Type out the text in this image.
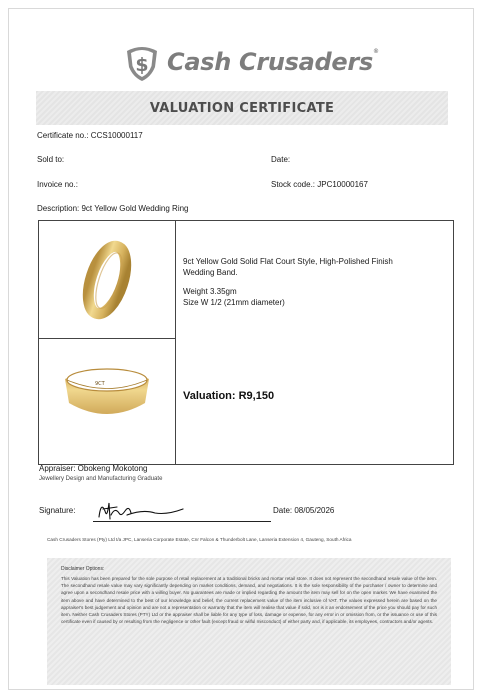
$ Cash Crusaders®
VALUATION CERTIFICATE
Certificate no.: CCS10000117
Sold to:	Date:
Invoice no.:	Stock code.: JPC10000167
Description: 9ct Yellow Gold Wedding Ring
9CT
9ct Yellow Gold Solid Flat Court Style, High-Polished Finish
Wedding Band.
Weight 3.35gm
Size W 1/2 (21mm diameter)
Valuation: R9,150
Appraiser: Obokeng Mokotong
Jewellery Design and Manufacturing Graduate
Signature:	Date: 08/05/2026
Cash Crusaders Stores (Pty) Ltd t/a JPC, Lanseria Corporate Estate, Cnr Falcon & Thunderbolt Lane, Lanseria Extension 4, Gauteng, South Africa
Disclaimer Options:
This Valuation has been prepared for the sole purpose of retail replacement at a traditional bricks and mortar retail store. It does not represent the secondhand resale value of the item. The secondhand resale value may vary significantly depending on market conditions, demand, and negotiations. It is the sole responsibility of the purchaser / owner to determine and agree upon a secondhand resale price with a willing buyer. No guarantees are made or implied regarding the amount the item may sell for on the open market. We have examined the item above and have determined to the best of our knowledge and belief, the current replacement value of the item inclusive of VAT. The values expressed herein are based on the appraiser's best judgement and opinion and are not a representation or warranty that the item will realise that value if sold, nor is it an endorsement of the price you should pay for such item. Neither Cash Crusaders Stores (PTY) Ltd or the appraiser shall be liable for any type of loss, damage or expense, for any error in or omission from, or the issuance or use of this certificate even if caused by or resulting from the negligence or other fault (except fraud or wilful misconduct) of either party and, if applicable, its employees, contractors and/or agents.
